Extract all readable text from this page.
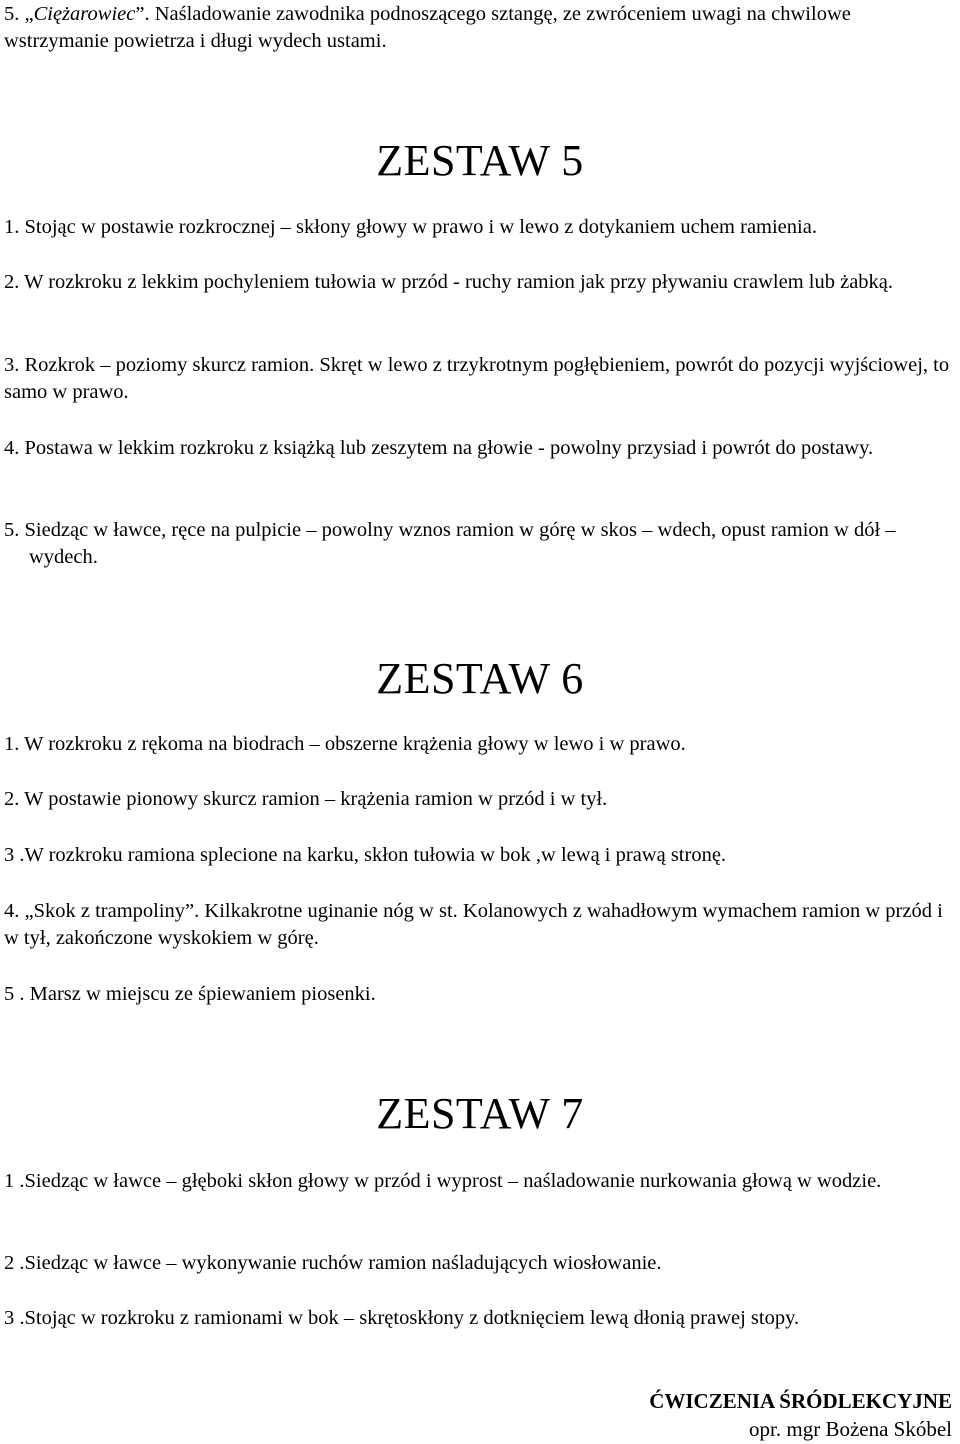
5. „Ciężarowiec”. Naśladowanie zawodnika podnoszącego sztangę, ze zwróceniem uwagi na chwilowe wstrzymanie powietrza i długi wydech ustami.
ZESTAW 5
1. Stojąc w postawie rozkrocznej – skłony głowy w prawo i w lewo z dotykaniem uchem ramienia.
2. W rozkroku z lekkim pochyleniem tułowia w przód - ruchy ramion jak przy pływaniu crawlem lub żabką.
3. Rozkrok – poziomy skurcz ramion. Skręt w lewo z trzykrotnym pogłębieniem, powrót do pozycji wyjściowej, to samo w prawo.
4. Postawa w lekkim rozkroku z książką lub zeszytem na głowie - powolny przysiad i powrót do postawy.
5. Siedząc w ławce, ręce na pulpicie – powolny wznos ramion w górę w skos – wdech, opust ramion w dół – wydech.
ZESTAW 6
1. W rozkroku z rękoma na biodrach – obszerne krążenia głowy w lewo i w prawo.
2. W postawie pionowy skurcz ramion – krążenia ramion w przód i w tył.
3 .W rozkroku ramiona splecione na karku, skłon tułowia w bok ,w lewą i prawą stronę.
4. „Skok z trampoliny”. Kilkakrotne uginanie nóg w st. Kolanowych z wahadłowym wymachem ramion w przód i w tył, zakończone wyskokiem w górę.
5 . Marsz w miejscu ze śpiewaniem piosenki.
ZESTAW 7
1 .Siedząc w ławce – głęboki skłon głowy w przód i wyprost – naśladowanie nurkowania głową w wodzie.
2 .Siedząc w ławce – wykonywanie ruchów ramion naśladujących wiosłowanie.
3 .Stojąc w rozkroku z ramionami w bok – skrętoskłony z dotknięciem lewą dłonią prawej stopy.
ĆWICZENIA ŚRÓDLEKCYJNE
opr. mgr Bożena Skóbel
